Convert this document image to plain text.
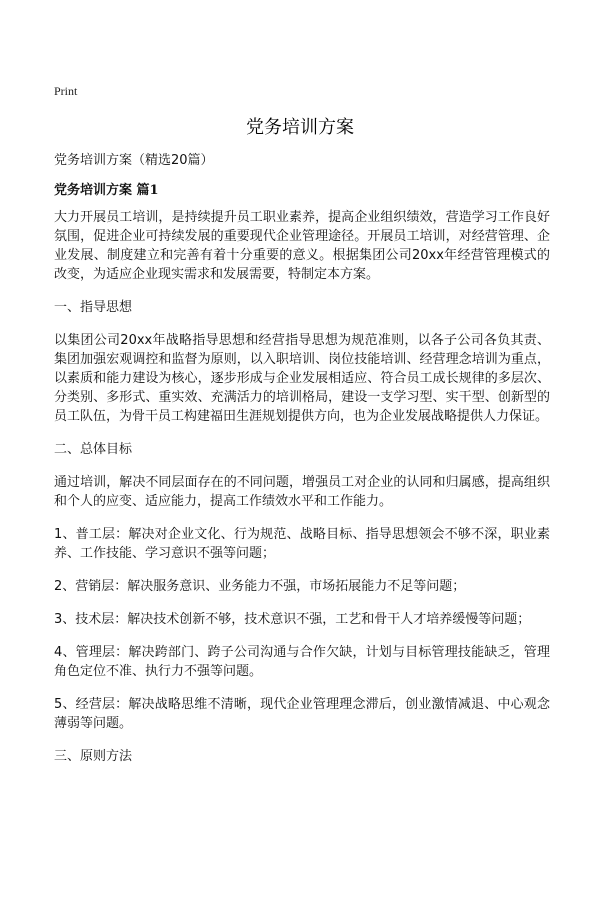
Print
党务培训方案

党务培训方案（精选20篇）

党务培训方案 篇1

大力开展员工培训，是持续提升员工职业素养，提高企业组织绩效，营造学习工作良好氛围，促进企业可持续发展的重要现代企业管理途径。开展员工培训，对经营管理、企业发展、制度建立和完善有着十分重要的意义。根据集团公司20xx年经营管理模式的改变，为适应企业现实需求和发展需要，特制定本方案。

一、指导思想

以集团公司20xx年战略指导思想和经营指导思想为规范准则，以各子公司各负其责、集团加强宏观调控和监督为原则，以入职培训、岗位技能培训、经营理念培训为重点，以素质和能力建设为核心，逐步形成与企业发展相适应、符合员工成长规律的多层次、分类别、多形式、重实效、充满活力的培训格局，建设一支学习型、实干型、创新型的员工队伍，为骨干员工构建福田生涯规划提供方向，也为企业发展战略提供人力保证。

二、总体目标

通过培训，解决不同层面存在的不同问题，增强员工对企业的认同和归属感，提高组织和个人的应变、适应能力，提高工作绩效水平和工作能力。

1、普工层：解决对企业文化、行为规范、战略目标、指导思想领会不够不深，职业素养、工作技能、学习意识不强等问题；

2、营销层：解决服务意识、业务能力不强，市场拓展能力不足等问题；

3、技术层：解决技术创新不够，技术意识不强，工艺和骨干人才培养缓慢等问题；

4、管理层：解决跨部门、跨子公司沟通与合作欠缺，计划与目标管理技能缺乏，管理角色定位不准、执行力不强等问题。

5、经营层：解决战略思维不清晰，现代企业管理理念滞后，创业激情减退、中心观念薄弱等问题。

三、原则方法
